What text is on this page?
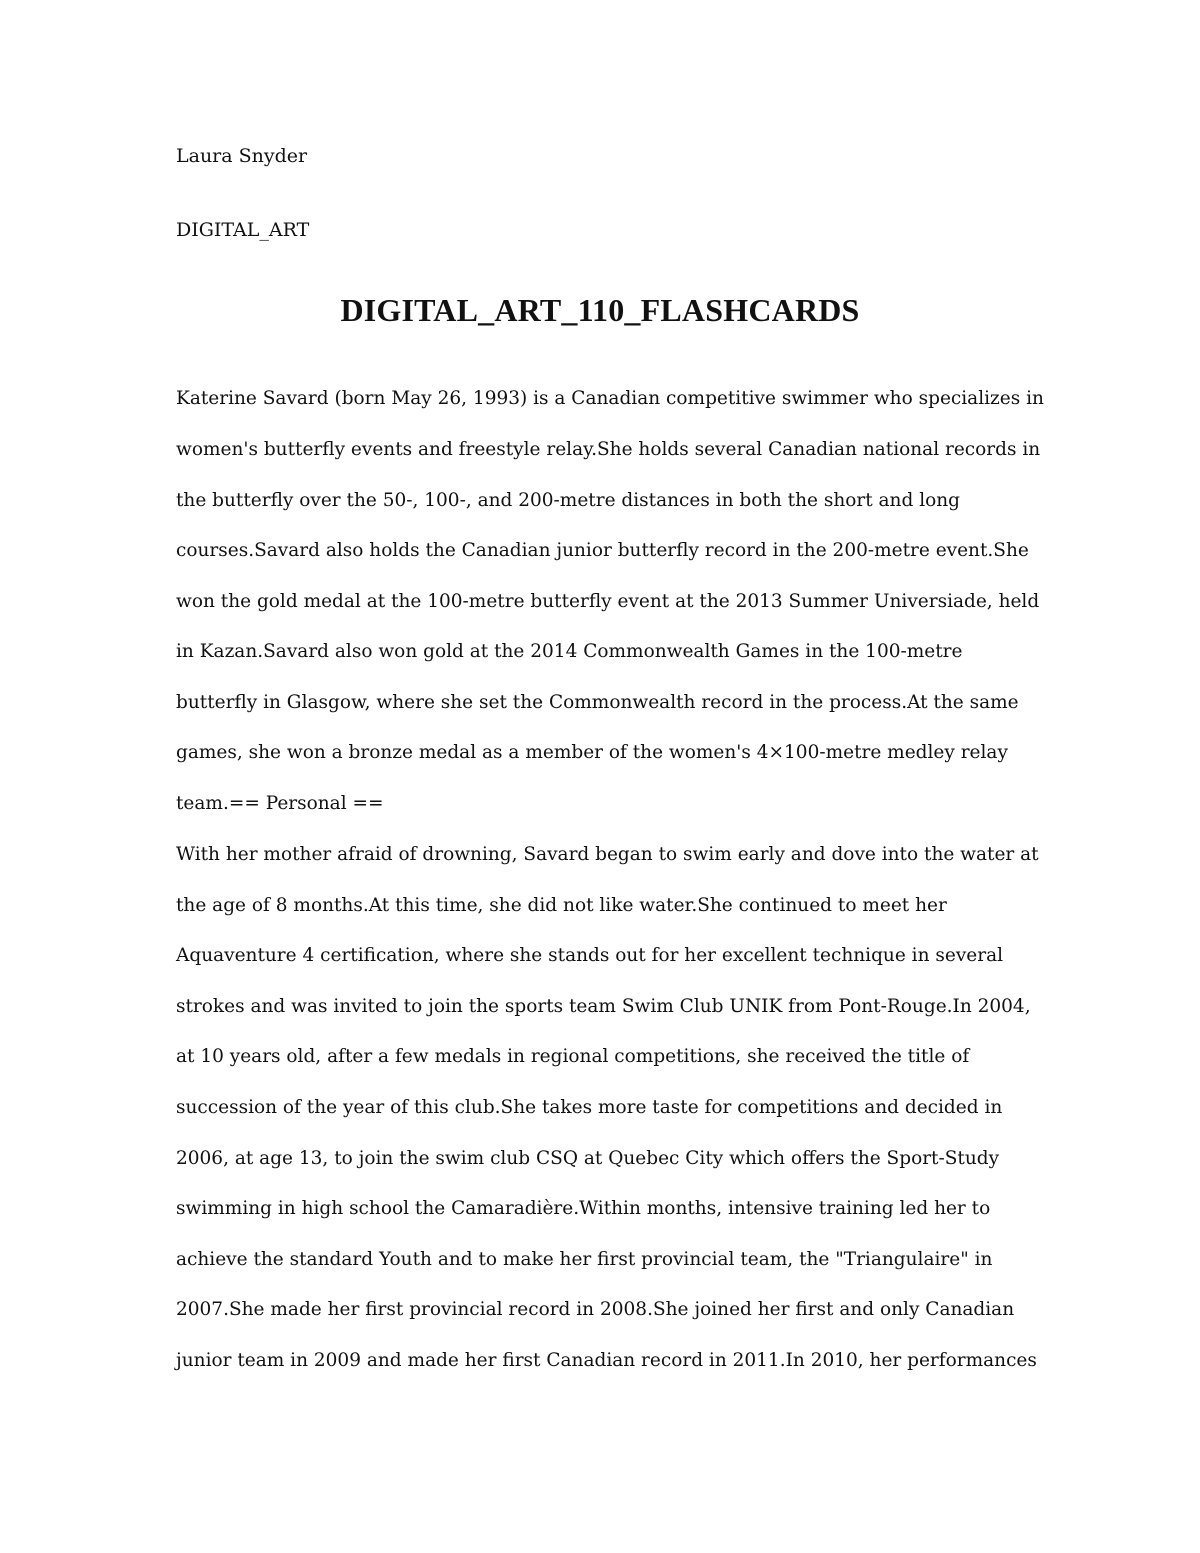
Laura Snyder
DIGITAL_ART
DIGITAL_ART_110_FLASHCARDS
Katerine Savard (born May 26, 1993) is a Canadian competitive swimmer who specializes in
women's butterfly events and freestyle relay.She holds several Canadian national records in
the butterfly over the 50-, 100-, and 200-metre distances in both the short and long
courses.Savard also holds the Canadian junior butterfly record in the 200-metre event.She
won the gold medal at the 100-metre butterfly event at the 2013 Summer Universiade, held
in Kazan.Savard also won gold at the 2014 Commonwealth Games in the 100-metre
butterfly in Glasgow, where she set the Commonwealth record in the process.At the same
games, she won a bronze medal as a member of the women's 4×100-metre medley relay
team.== Personal ==
With her mother afraid of drowning, Savard began to swim early and dove into the water at
the age of 8 months.At this time, she did not like water.She continued to meet her
Aquaventure 4 certification, where she stands out for her excellent technique in several
strokes and was invited to join the sports team Swim Club UNIK from Pont-Rouge.In 2004,
at 10 years old, after a few medals in regional competitions, she received the title of
succession of the year of this club.She takes more taste for competitions and decided in
2006, at age 13, to join the swim club CSQ at Quebec City which offers the Sport-Study
swimming in high school the Camaradière.Within months, intensive training led her to
achieve the standard Youth and to make her first provincial team, the "Triangulaire" in
2007.She made her first provincial record in 2008.She joined her first and only Canadian
junior team in 2009 and made her first Canadian record in 2011.In 2010, her performances
